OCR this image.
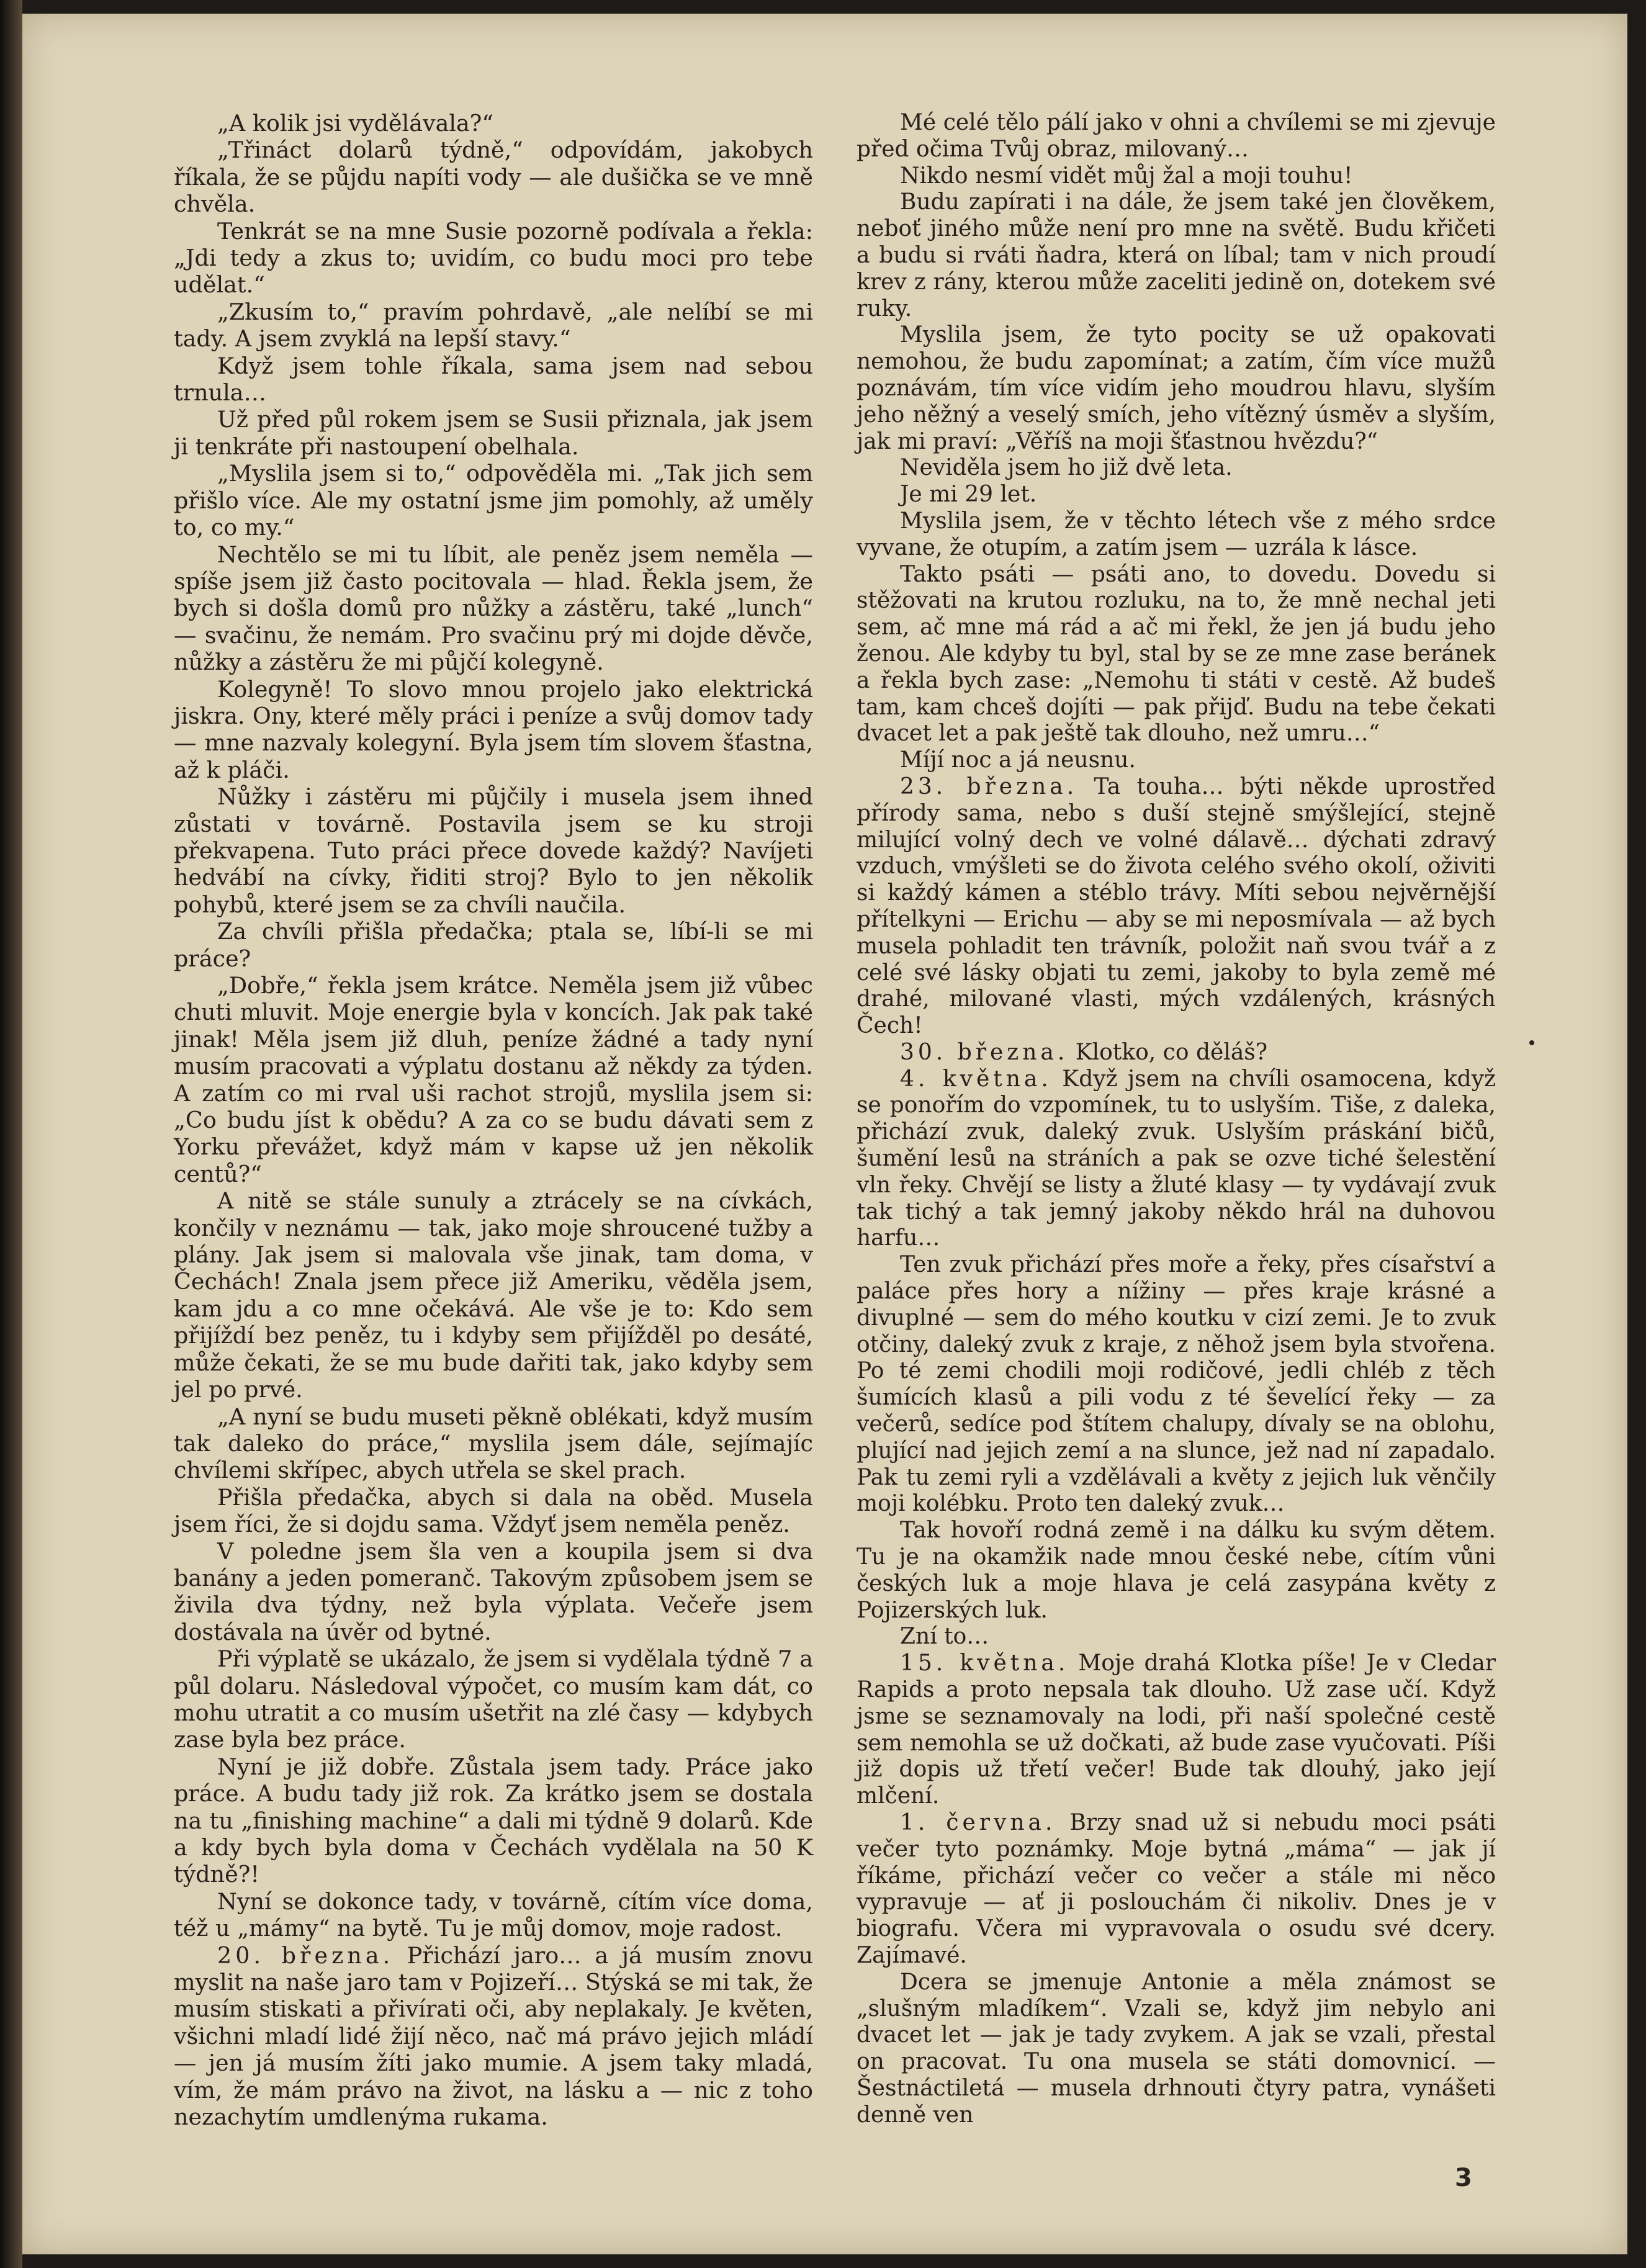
„A kolik jsi vydělávala?“

„Třináct dolarů týdně,“ odpovídám, jakobych říkala, že se půjdu napíti vody — ale dušička se ve mně chvěla.

Tenkrát se na mne Susie pozorně podívala a řekla: „Jdi tedy a zkus to; uvidím, co budu moci pro tebe udělat.“

„Zkusím to,“ pravím pohrdavě, „ale nelíbí se mi tady. A jsem zvyklá na lepší stavy.“

Když jsem tohle říkala, sama jsem nad sebou trnula…

Už před půl rokem jsem se Susii přiznala, jak jsem ji tenkráte při nastoupení obelhala.

„Myslila jsem si to,“ odpověděla mi. „Tak jich sem přišlo více. Ale my ostatní jsme jim pomohly, až uměly to, co my.“

Nechtělo se mi tu líbit, ale peněz jsem neměla — spíše jsem již často pocitovala — hlad. Řekla jsem, že bych si došla domů pro nůžky a zástěru, také „lunch“ — svačinu, že nemám. Pro svačinu prý mi dojde děvče, nůžky a zástěru že mi půjčí kolegyně.

Kolegyně! To slovo mnou projelo jako elektrická jiskra. Ony, které měly práci i peníze a svůj domov tady — mne nazvaly kolegyní. Byla jsem tím slovem šťastna, až k pláči.

Nůžky i zástěru mi půjčily i musela jsem ihned zůstati v továrně. Postavila jsem se ku stroji překvapena. Tuto práci přece dovede každý? Navíjeti hedvábí na cívky, řiditi stroj? Bylo to jen několik pohybů, které jsem se za chvíli naučila.

Za chvíli přišla předačka; ptala se, líbí-li se mi práce?

„Dobře,“ řekla jsem krátce. Neměla jsem již vůbec chuti mluvit. Moje energie byla v koncích. Jak pak také jinak! Měla jsem již dluh, peníze žádné a tady nyní musím pracovati a výplatu dostanu až někdy za týden. A zatím co mi rval uši rachot strojů, myslila jsem si: „Co budu jíst k obědu? A za co se budu dávati sem z Yorku převážet, když mám v kapse už jen několik centů?“

A nitě se stále sunuly a ztrácely se na cívkách, končily v neznámu — tak, jako moje shroucené tužby a plány. Jak jsem si malovala vše jinak, tam doma, v Čechách! Znala jsem přece již Ameriku, věděla jsem, kam jdu a co mne očekává. Ale vše je to: Kdo sem přijíždí bez peněz, tu i kdyby sem přijížděl po desáté, může čekati, že se mu bude dařiti tak, jako kdyby sem jel po prvé.

„A nyní se budu museti pěkně oblékati, když musím tak daleko do práce,“ myslila jsem dále, sejímajíc chvílemi skřípec, abych utřela se skel prach.

Přišla předačka, abych si dala na oběd. Musela jsem říci, že si dojdu sama. Vždyť jsem neměla peněz.

V poledne jsem šla ven a koupila jsem si dva banány a jeden pomeranč. Takovým způsobem jsem se živila dva týdny, než byla výplata. Večeře jsem dostávala na úvěr od bytné.

Při výplatě se ukázalo, že jsem si vydělala týdně 7 a půl dolaru. Následoval výpočet, co musím kam dát, co mohu utratit a co musím ušetřit na zlé časy — kdybych zase byla bez práce.

Nyní je již dobře. Zůstala jsem tady. Práce jako práce. A budu tady již rok. Za krátko jsem se dostala na tu „finishing machine“ a dali mi týdně 9 dolarů. Kde a kdy bych byla doma v Čechách vydělala na 50 K týdně?!

Nyní se dokonce tady, v továrně, cítím více doma, též u „mámy“ na bytě. Tu je můj domov, moje radost.

20. března. Přichází jaro… a já musím znovu myslit na naše jaro tam v Pojizeří… Stýská se mi tak, že musím stiskati a přivírati oči, aby neplakaly. Je květen, všichni mladí lidé žijí něco, nač má právo jejich mládí — jen já musím žíti jako mumie. A jsem taky mladá, vím, že mám právo na život, na lásku a — nic z toho nezachytím umdlenýma rukama.

Mé celé tělo pálí jako v ohni a chvílemi se mi zjevuje před očima Tvůj obraz, milovaný…

Nikdo nesmí vidět můj žal a moji touhu!

Budu zapírati i na dále, že jsem také jen člověkem, neboť jiného může není pro mne na světě. Budu křičeti a budu si rváti ňadra, která on líbal; tam v nich proudí krev z rány, kterou může zaceliti jedině on, dotekem své ruky.

Myslila jsem, že tyto pocity se už opakovati nemohou, že budu zapomínat; a zatím, čím více mužů poznávám, tím více vidím jeho moudrou hlavu, slyším jeho něžný a veselý smích, jeho vítězný úsměv a slyším, jak mi praví: „Věříš na moji šťastnou hvězdu?“

Neviděla jsem ho již dvě leta.

Je mi 29 let.

Myslila jsem, že v těchto létech vše z mého srdce vyvane, že otupím, a zatím jsem — uzrála k lásce.

Takto psáti — psáti ano, to dovedu. Dovedu si stěžovati na krutou rozluku, na to, že mně nechal jeti sem, ač mne má rád a ač mi řekl, že jen já budu jeho ženou. Ale kdyby tu byl, stal by se ze mne zase beránek a řekla bych zase: „Nemohu ti státi v cestě. Až budeš tam, kam chceš dojíti — pak přijď. Budu na tebe čekati dvacet let a pak ještě tak dlouho, než umru…“

Míjí noc a já neusnu.

23. března. Ta touha… býti někde uprostřed přírody sama, nebo s duší stejně smýšlející, stejně milující volný dech ve volné dálavě… dýchati zdravý vzduch, vmýšleti se do života celého svého okolí, oživiti si každý kámen a stéblo trávy. Míti sebou nejvěrnější přítelkyni — Erichu — aby se mi neposmívala — až bych musela pohladit ten trávník, položit naň svou tvář a z celé své lásky objati tu zemi, jakoby to byla země mé drahé, milované vlasti, mých vzdálených, krásných Čech!

30. března. Klotko, co děláš?

4. května. Když jsem na chvíli osamocena, když se ponořím do vzpomínek, tu to uslyším. Tiše, z daleka, přichází zvuk, daleký zvuk. Uslyším práskání bičů, šumění lesů na stráních a pak se ozve tiché šelestění vln řeky. Chvějí se listy a žluté klasy — ty vydávají zvuk tak tichý a tak jemný jakoby někdo hrál na duhovou harfu…

Ten zvuk přichází přes moře a řeky, přes císařství a paláce přes hory a nížiny — přes kraje krásné a divuplné — sem do mého koutku v cizí zemi. Je to zvuk otčiny, daleký zvuk z kraje, z něhož jsem byla stvořena. Po té zemi chodili moji rodičové, jedli chléb z těch šumících klasů a pili vodu z té ševelící řeky — za večerů, sedíce pod štítem chalupy, dívaly se na oblohu, plující nad jejich zemí a na slunce, jež nad ní zapadalo. Pak tu zemi ryli a vzdělávali a květy z jejich luk věnčily moji kolébku. Proto ten daleký zvuk…

Tak hovoří rodná země i na dálku ku svým dětem. Tu je na okamžik nade mnou české nebe, cítím vůni českých luk a moje hlava je celá zasypána květy z Pojizerských luk.

Zní to…

15. května. Moje drahá Klotka píše! Je v Cledar Rapids a proto nepsala tak dlouho. Už zase učí. Když jsme se seznamovaly na lodi, při naší společné cestě sem nemohla se už dočkati, až bude zase vyučovati. Píši již dopis už třetí večer! Bude tak dlouhý, jako její mlčení.

1. června. Brzy snad už si nebudu moci psáti večer tyto poznámky. Moje bytná „máma“ — jak jí říkáme, přichází večer co večer a stále mi něco vypravuje — ať ji poslouchám či nikoliv. Dnes je v biografu. Včera mi vypravovala o osudu své dcery. Zajímavé.

Dcera se jmenuje Antonie a měla známost se „slušným mladíkem“. Vzali se, když jim nebylo ani dvacet let — jak je tady zvykem. A jak se vzali, přestal on pracovat. Tu ona musela se státi domovnicí. — Šestnáctiletá — musela drhnouti čtyry patra, vynášeti denně ven

3
